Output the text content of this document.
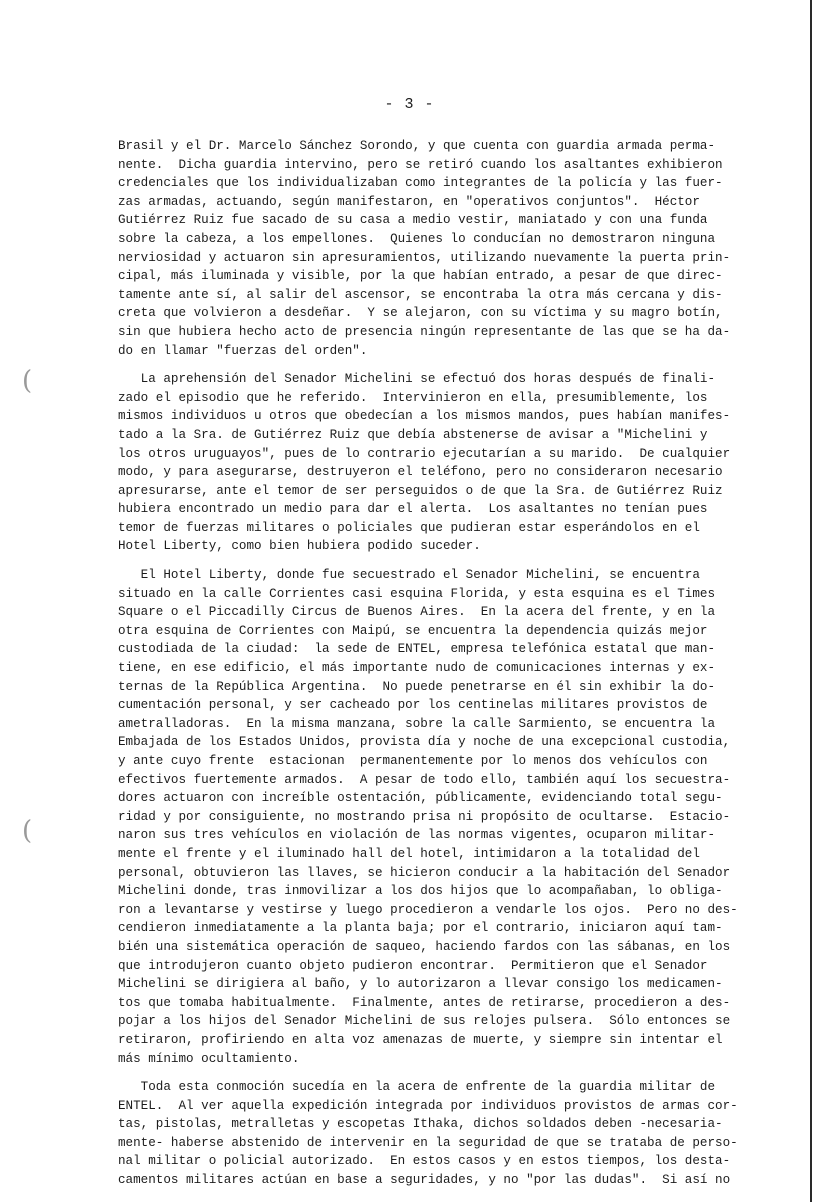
(
(
- 3 -
Brasil y el Dr. Marcelo Sánchez Sorondo, y que cuenta con guardia armada perma-
nente.  Dicha guardia intervino, pero se retiró cuando los asaltantes exhibieron
credenciales que los individualizaban como integrantes de la policía y las fuer-
zas armadas, actuando, según manifestaron, en "operativos conjuntos".  Héctor
Gutiérrez Ruiz fue sacado de su casa a medio vestir, maniatado y con una funda
sobre la cabeza, a los empellones.  Quienes lo conducían no demostraron ninguna
nerviosidad y actuaron sin apresuramientos, utilizando nuevamente la puerta prin-
cipal, más iluminada y visible, por la que habían entrado, a pesar de que direc-
tamente ante sí, al salir del ascensor, se encontraba la otra más cercana y dis-
creta que volvieron a desdeñar.  Y se alejaron, con su víctima y su magro botín,
sin que hubiera hecho acto de presencia ningún representante de las que se ha da-
do en llamar "fuerzas del orden".
La aprehensión del Senador Michelini se efectuó dos horas después de finali-
zado el episodio que he referido.  Intervinieron en ella, presumiblemente, los
mismos individuos u otros que obedecían a los mismos mandos, pues habían manifes-
tado a la Sra. de Gutiérrez Ruiz que debía abstenerse de avisar a "Michelini y
los otros uruguayos", pues de lo contrario ejecutarían a su marido.  De cualquier
modo, y para asegurarse, destruyeron el teléfono, pero no consideraron necesario
apresurarse, ante el temor de ser perseguidos o de que la Sra. de Gutiérrez Ruiz
hubiera encontrado un medio para dar el alerta.  Los asaltantes no tenían pues
temor de fuerzas militares o policiales que pudieran estar esperándolos en el
Hotel Liberty, como bien hubiera podido suceder.
El Hotel Liberty, donde fue secuestrado el Senador Michelini, se encuentra
situado en la calle Corrientes casi esquina Florida, y esta esquina es el Times
Square o el Piccadilly Circus de Buenos Aires.  En la acera del frente, y en la
otra esquina de Corrientes con Maipú, se encuentra la dependencia quizás mejor
custodiada de la ciudad:  la sede de ENTEL, empresa telefónica estatal que man-
tiene, en ese edificio, el más importante nudo de comunicaciones internas y ex-
ternas de la República Argentina.  No puede penetrarse en él sin exhibir la do-
cumentación personal, y ser cacheado por los centinelas militares provistos de
ametralladoras.  En la misma manzana, sobre la calle Sarmiento, se encuentra la
Embajada de los Estados Unidos, provista día y noche de una excepcional custodia,
y ante cuyo frente  estacionan  permanentemente por lo menos dos vehículos con
efectivos fuertemente armados.  A pesar de todo ello, también aquí los secuestra-
dores actuaron con increíble ostentación, públicamente, evidenciando total segu-
ridad y por consiguiente, no mostrando prisa ni propósito de ocultarse.  Estacio-
naron sus tres vehículos en violación de las normas vigentes, ocuparon militar-
mente el frente y el iluminado hall del hotel, intimidaron a la totalidad del
personal, obtuvieron las llaves, se hicieron conducir a la habitación del Senador
Michelini donde, tras inmovilizar a los dos hijos que lo acompañaban, lo obliga-
ron a levantarse y vestirse y luego procedieron a vendarle los ojos.  Pero no des-
cendieron inmediatamente a la planta baja; por el contrario, iniciaron aquí tam-
bién una sistemática operación de saqueo, haciendo fardos con las sábanas, en los
que introdujeron cuanto objeto pudieron encontrar.  Permitieron que el Senador
Michelini se dirigiera al baño, y lo autorizaron a llevar consigo los medicamen-
tos que tomaba habitualmente.  Finalmente, antes de retirarse, procedieron a des-
pojar a los hijos del Senador Michelini de sus relojes pulsera.  Sólo entonces se
retiraron, profiriendo en alta voz amenazas de muerte, y siempre sin intentar el
más mínimo ocultamiento.
Toda esta conmoción sucedía en la acera de enfrente de la guardia militar de
ENTEL.  Al ver aquella expedición integrada por individuos provistos de armas cor-
tas, pistolas, metralletas y escopetas Ithaka, dichos soldados deben -necesaria-
mente- haberse abstenido de intervenir en la seguridad de que se trataba de perso-
nal militar o policial autorizado.  En estos casos y en estos tiempos, los desta-
camentos militares actúan en base a seguridades, y no "por las dudas".  Si así no
